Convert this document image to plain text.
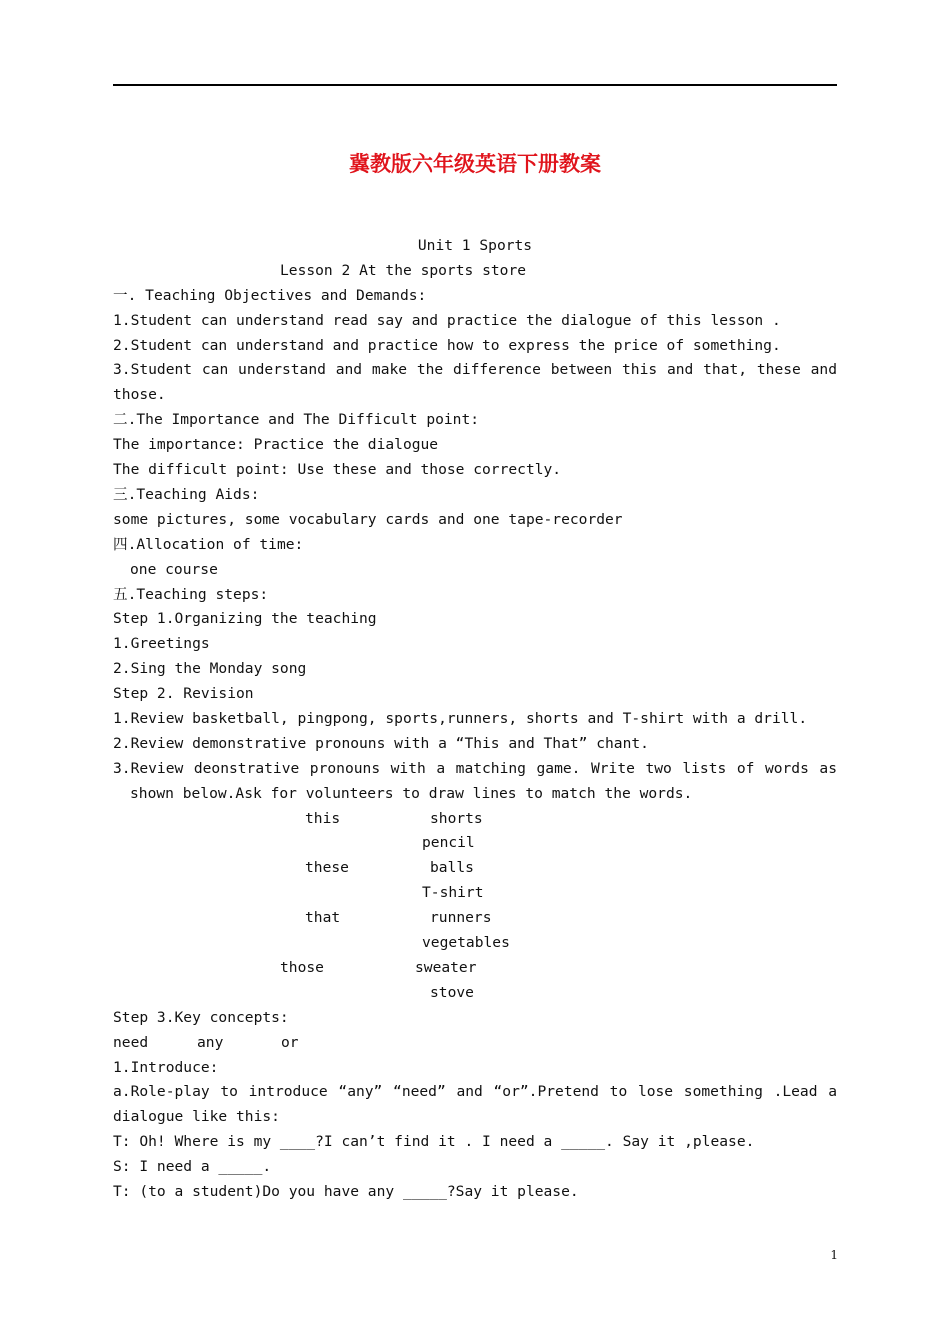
冀教版六年级英语下册教案
Unit 1 Sports
Lesson 2 At the sports store
一. Teaching Objectives and Demands:
1.Student can understand read say and practice the dialogue of this lesson .
2.Student can understand and practice how to express the price of something.
3.Student can understand and make the difference between this and that, these and those.
二.The Importance and The Difficult point:
The importance: Practice the dialogue
The difficult point: Use these and those correctly.
三.Teaching Aids:
some pictures, some vocabulary cards and one tape-recorder
四.Allocation of time:
one course
五.Teaching steps:
Step 1.Organizing the teaching
1.Greetings
2.Sing the Monday song
Step 2. Revision
1.Review basketball, pingpong, sports,runners, shorts and T-shirt with a drill.
2.Review demonstrative pronouns with a “This and That” chant.
3.Review deonstrative pronouns with a matching game. Write two lists of words as shown below.Ask for volunteers to draw lines to match the words.
this	shorts
pencil
these	balls
T-shirt
that	runners
vegetables
those	sweater
stove
Step 3.Key concepts:
need	any	or
1.Introduce:
a.Role-play to introduce “any” “need” and “or”.Pretend to lose something .Lead a dialogue like this:
T: Oh! Where is my ____?I can’t find it . I need a _____. Say it ,please.
S: I need a _____.
T: (to a student)Do you have any _____?Say it please.
1
